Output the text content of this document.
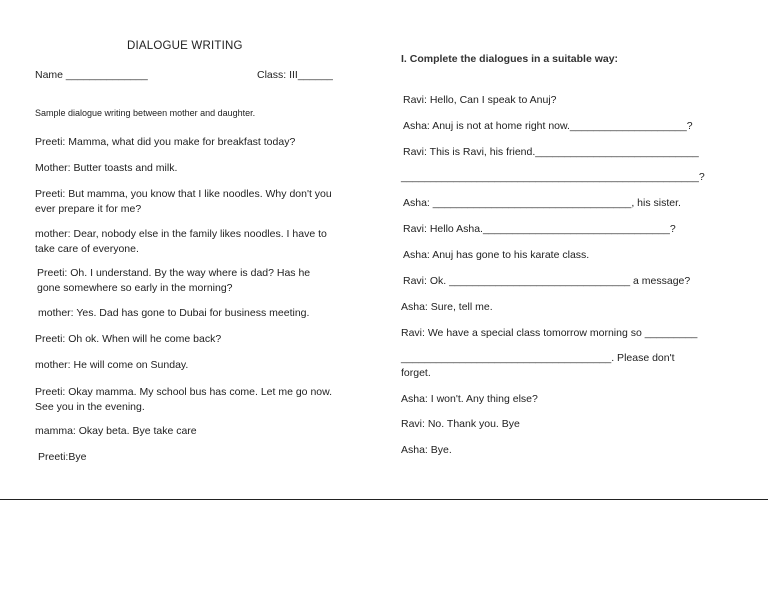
DIALOGUE WRITING
Name ______________	Class: III______
Sample dialogue writing between mother and daughter.
Preeti: Mamma, what did you make for breakfast today?
Mother: Butter toasts and milk.
Preeti: But mamma, you know that I like noodles. Why don't you ever prepare it for me?
mother: Dear, nobody else in the family likes noodles. I have to take care of everyone.
Preeti: Oh. I understand. By the way where is dad? Has he gone somewhere so early in the morning?
mother: Yes. Dad has gone to Dubai for business meeting.
Preeti: Oh ok. When will he come back?
mother: He will come on Sunday.
Preeti: Okay mamma. My school bus has come. Let me go now. See you in the evening.
mamma: Okay beta. Bye take care
Preeti:Bye
I. Complete the dialogues in a suitable way:
Ravi: Hello, Can I speak to Anuj?
Asha: Anuj is not at home right now.____________________?
Ravi: This is Ravi, his friend.____________________________
___________________________________________________?
Asha: __________________________________, his sister.
Ravi: Hello Asha.________________________________?
Asha: Anuj has gone to his karate class.
Ravi: Ok. _______________________________ a message?
Asha: Sure, tell me.
Ravi: We have a special class tomorrow morning so _________
____________________________________. Please don't forget.
Asha: I won't. Any thing else?
Ravi: No. Thank you. Bye
Asha: Bye.
